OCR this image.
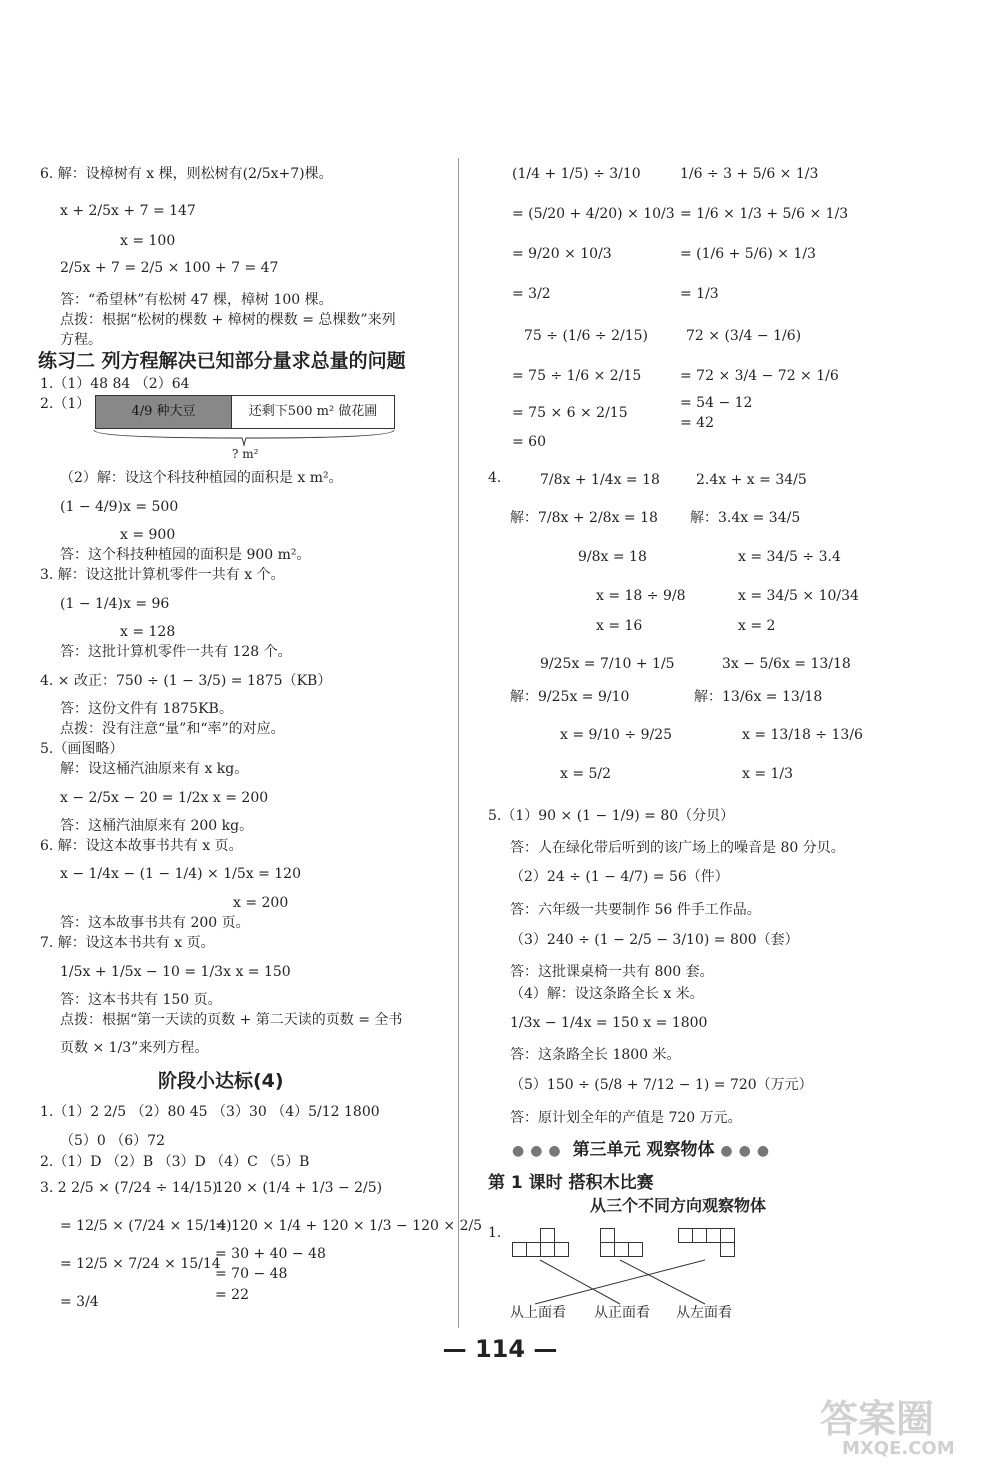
6. 解：设樟树有 x 棵，则松树有(2/5x+7)棵。
x + 2/5x + 7 = 147
x = 100
2/5x + 7 = 2/5 × 100 + 7 = 47
答：“希望林”有松树 47 棵，樟树 100 棵。
点拨：根据“松树的棵数 + 樟树的棵数 = 总棵数”来列
方程。
练习二 列方程解决已知部分量求总量的问题
1.（1）48 84 （2）64
2.（1）	4/9 种大豆	还剩下500 m² 做花圃
? m²
（2）解：设这个科技种植园的面积是 x m²。
(1 − 4/9)x = 500
x = 900
答：这个科技种植园的面积是 900 m²。
3. 解：设这批计算机零件一共有 x 个。
(1 − 1/4)x = 96
x = 128
答：这批计算机零件一共有 128 个。
4. × 改正：750 ÷ (1 − 3/5) = 1875（KB）
答：这份文件有 1875KB。
点拨：没有注意“量”和“率”的对应。
5.（画图略）
解：设这桶汽油原来有 x kg。
x − 2/5x − 20 = 1/2x x = 200
答：这桶汽油原来有 200 kg。
6. 解：设这本故事书共有 x 页。
x − 1/4x − (1 − 1/4) × 1/5x = 120
x = 200
答：这本故事书共有 200 页。
7. 解：设这本书共有 x 页。
1/5x + 1/5x − 10 = 1/3x x = 150
答：这本书共有 150 页。
点拨：根据“第一天读的页数 + 第二天读的页数 = 全书
页数 × 1/3”来列方程。
阶段小达标(4)
1.（1）2 2/5 （2）80 45 （3）30 （4）5/12 1800
（5）0 （6）72
2.（1）D （2）B （3）D （4）C （5）B
3. 2 2/5 × (7/24 ÷ 14/15)
= 12/5 × (7/24 × 15/14)
= 12/5 × 7/24 × 15/14
= 3/4
120 × (1/4 + 1/3 − 2/5)
= 120 × 1/4 + 120 × 1/3 − 120 × 2/5
= 30 + 40 − 48
= 70 − 48
= 22
(1/4 + 1/5) ÷ 3/10
= (5/20 + 4/20) × 10/3
= 9/20 × 10/3
= 3/2
1/6 ÷ 3 + 5/6 × 1/3
= 1/6 × 1/3 + 5/6 × 1/3
= (1/6 + 5/6) × 1/3
= 1/3
75 ÷ (1/6 ÷ 2/15)
= 75 ÷ 1/6 × 2/15
= 75 × 6 × 2/15
= 60
72 × (3/4 − 1/6)
= 72 × 3/4 − 72 × 1/6
= 54 − 12
= 42
4.	7/8x + 1/4x = 18
解：7/8x + 2/8x = 18
9/8x = 18
x = 18 ÷ 9/8
x = 16
2.4x + x = 34/5
解：3.4x = 34/5
x = 34/5 ÷ 3.4
x = 34/5 × 10/34
x = 2
9/25x = 7/10 + 1/5
解：9/25x = 9/10
x = 9/10 ÷ 9/25
x = 5/2
3x − 5/6x = 13/18
解：13/6x = 13/18
x = 13/18 ÷ 13/6
x = 1/3
5.（1）90 × (1 − 1/9) = 80（分贝）
答：人在绿化带后听到的该广场上的噪音是 80 分贝。
（2）24 ÷ (1 − 4/7) = 56（件）
答：六年级一共要制作 56 件手工作品。
（3）240 ÷ (1 − 2/5 − 3/10) = 800（套）
答：这批课桌椅一共有 800 套。
（4）解：设这条路全长 x 米。
1/3x − 1/4x = 150 x = 1800
答：这条路全长 1800 米。
（5）150 ÷ (5/8 + 7/12 − 1) = 720（万元）
答：原计划全年的产值是 720 万元。
●●● 第三单元 观察物体 ●●●
第 1 课时 搭积木比赛
从三个不同方向观察物体
1.
从上面看 从正面看 从左面看
— 114 —
答案圈
MXQE.COM
